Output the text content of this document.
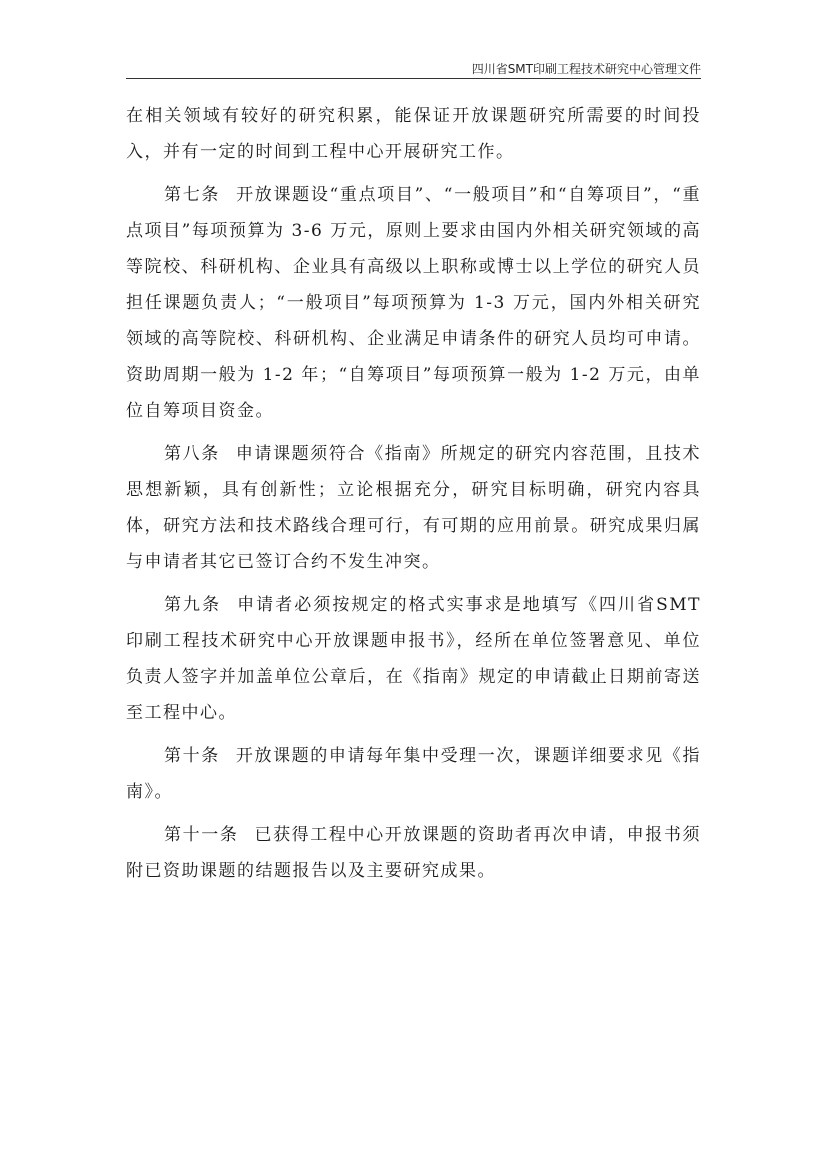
四川省SMT印刷工程技术研究中心管理文件

在相关领域有较好的研究积累，能保证开放课题研究所需要的时间投入，并有一定的时间到工程中心开展研究工作。

第七条 开放课题设“重点项目”、“一般项目”和“自筹项目”，“重点项目”每项预算为 3-6 万元，原则上要求由国内外相关研究领域的高等院校、科研机构、企业具有高级以上职称或博士以上学位的研究人员担任课题负责人；“一般项目”每项预算为 1-3 万元，国内外相关研究领域的高等院校、科研机构、企业满足申请条件的研究人员均可申请。资助周期一般为 1-2 年；“自筹项目”每项预算一般为 1-2 万元，由单位自筹项目资金。

第八条 申请课题须符合《指南》所规定的研究内容范围，且技术思想新颖，具有创新性；立论根据充分，研究目标明确，研究内容具体，研究方法和技术路线合理可行，有可期的应用前景。研究成果归属与申请者其它已签订合约不发生冲突。

第九条 申请者必须按规定的格式实事求是地填写《四川省SMT印刷工程技术研究中心开放课题申报书》，经所在单位签署意见、单位负责人签字并加盖单位公章后，在《指南》规定的申请截止日期前寄送至工程中心。

第十条 开放课题的申请每年集中受理一次，课题详细要求见《指南》。

第十一条 已获得工程中心开放课题的资助者再次申请，申报书须附已资助课题的结题报告以及主要研究成果。
